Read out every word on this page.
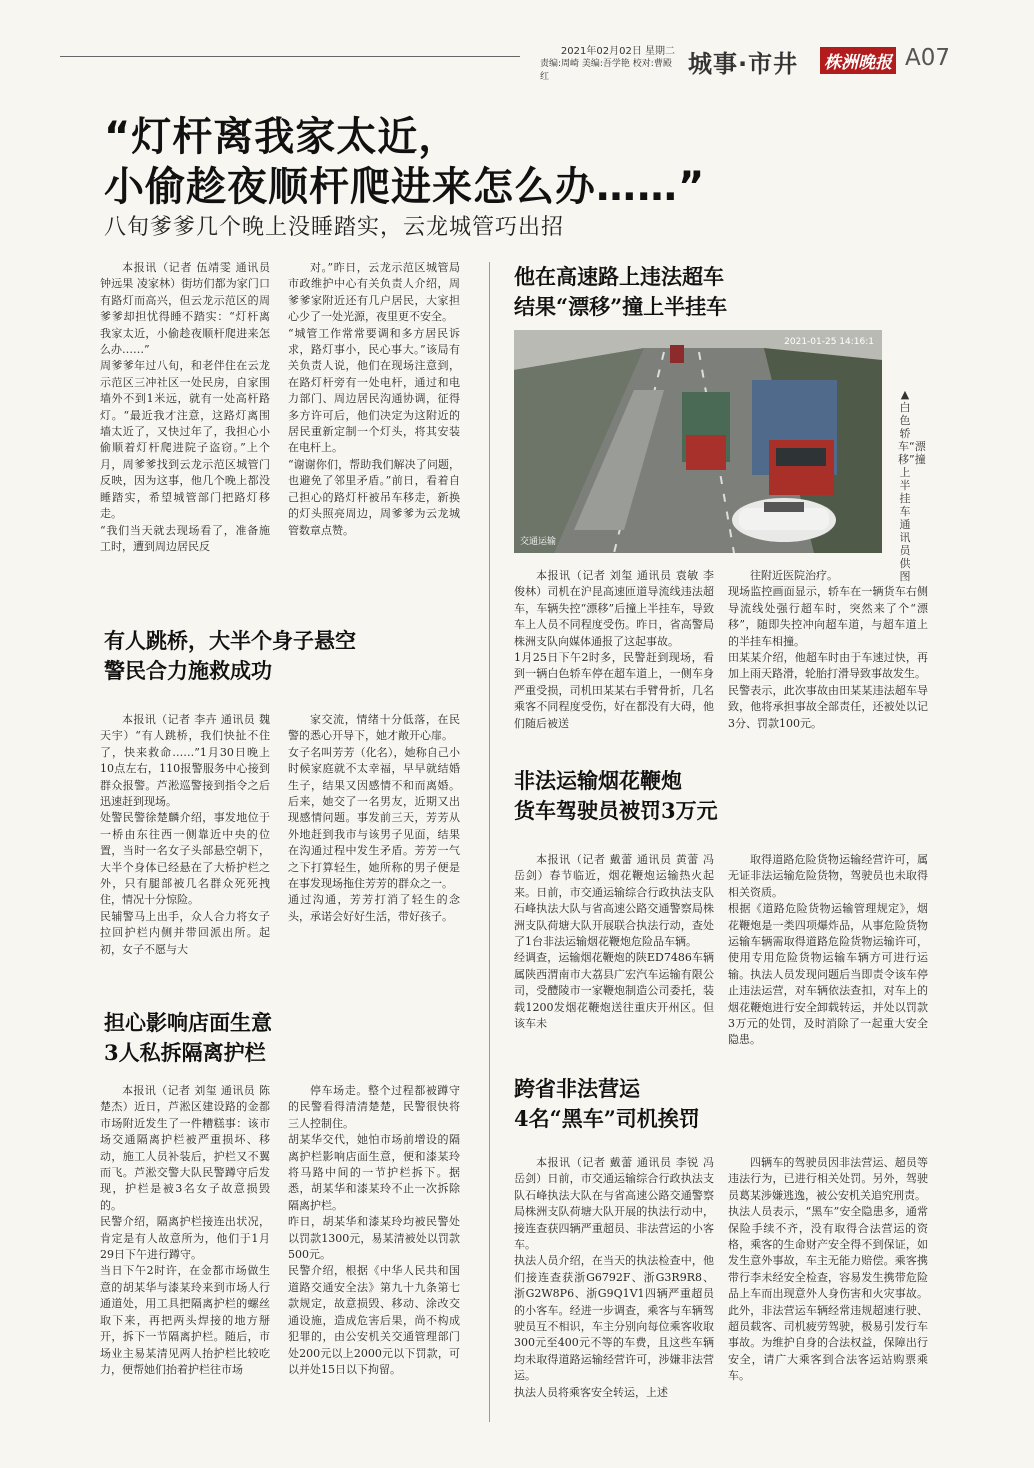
2021年02月02日 星期二
责编:周崎 美编:吾学艳 校对:曹殿红	城事·市井 株洲晚报 A07
“灯杆离我家太近，
小偷趁夜顺杆爬进来怎么办……”
八旬爹爹几个晚上没睡踏实，云龙城管巧出招

本报讯（记者 伍靖雯 通讯员 钟远果 凌家林）街坊们都为家门口有路灯而高兴，但云龙示范区的周爹爹却担忧得睡不踏实：“灯杆离我家太近，小偷趁夜顺杆爬进来怎么办……”
周爹爹年过八旬，和老伴住在云龙示范区三冲社区一处民房，自家围墙外不到1米远，就有一处高杆路灯。“最近我才注意，这路灯离围墙太近了，又快过年了，我担心小偷顺着灯杆爬进院子盗窃。”上个月，周爹爹找到云龙示范区城管门反映，因为这事，他几个晚上都没睡踏实，希望城管部门把路灯移走。
“我们当天就去现场看了，准备施工时，遭到周边居民反

对。”昨日，云龙示范区城管局市政维护中心有关负责人介绍，周爹爹家附近还有几户居民，大家担心少了一处光源，夜里更不安全。
“城管工作常常要调和多方居民诉求，路灯事小，民心事大。”该局有关负责人说，他们在现场注意到，在路灯杆旁有一处电杆，通过和电力部门、周边居民沟通协调，征得多方许可后，他们决定为这附近的居民重新定制一个灯头，将其安装在电杆上。
“谢谢你们，帮助我们解决了问题，也避免了邻里矛盾。”前日，看着自己担心的路灯杆被吊车移走，新换的灯头照亮周边，周爹爹为云龙城管数章点赞。

有人跳桥，大半个身子悬空
警民合力施救成功

本报讯（记者 李卉 通讯员 魏天宇）“有人跳桥，我们快扯不住了，快来救命……”1月30日晚上10点左右，110报警服务中心接到群众报警。芦淞巡警接到指令之后迅速赶到现场。
处警民警徐楚麟介绍，事发地位于一桥由东往西一侧靠近中央的位置，当时一名女子头部悬空朝下，大半个身体已经悬在了大桥护栏之外，只有腿部被几名群众死死拽住，情况十分惊险。
民辅警马上出手，众人合力将女子拉回护栏内侧并带回派出所。起初，女子不愿与大

家交流，情绪十分低落，在民警的悉心开导下，她才敞开心扉。
女子名叫芳芳（化名），她称自己小时候家庭就不太幸福，早早就结婚生子，结果又因感情不和而离婚。后来，她交了一名男友，近期又出现感情问题。事发前三天，芳芳从外地赶到我市与该男子见面，结果在沟通过程中发生矛盾。芳芳一气之下打算轻生，她所称的男子便是在事发现场拖住芳芳的群众之一。
通过沟通，芳芳打消了轻生的念头，承诺会好好生活，带好孩子。

担心影响店面生意
3人私拆隔离护栏

本报讯（记者 刘玺 通讯员 陈楚杰）近日，芦淞区建设路的金都市场附近发生了一件糟糕事：该市场交通隔离护栏被严重损坏、移动，施工人员补装后，护栏又不翼而飞。芦淞交警大队民警蹲守后发现，护栏是被3名女子故意损毁的。
民警介绍，隔离护栏接连出状况，肯定是有人故意所为，他们于1月29日下午进行蹲守。
当日下午2时许，在金都市场做生意的胡某华与漆某玲来到市场人行通道处，用工具把隔离护栏的螺丝取下来，再把两头焊接的地方掰开，拆下一节隔离护栏。随后，市场业主易某清见两人抬护栏比较吃力，便帮她们抬着护栏往市场

停车场走。整个过程都被蹲守的民警看得清清楚楚，民警很快将三人控制住。
胡某华交代，她怕市场前增设的隔离护栏影响店面生意，便和漆某玲将马路中间的一节护栏拆下。据悉，胡某华和漆某玲不止一次拆除隔离护栏。
昨日，胡某华和漆某玲均被民警处以罚款1300元，易某清被处以罚款500元。
民警介绍，根据《中华人民共和国道路交通安全法》第九十九条第七款规定，故意损毁、移动、涂改交通设施，造成危害后果，尚不构成犯罪的，由公安机关交通管理部门处200元以上2000元以下罚款，可以并处15日以下拘留。

他在高速路上违法超车
结果“漂移”撞上半挂车
2021-01-25 14:16:1
交通运输
▲白色轿车“漂移”撞上半挂车 通讯员供图

本报讯（记者 刘玺 通讯员 袁敏 李俊林）司机在沪昆高速匝道导流线违法超车，车辆失控“漂移”后撞上半挂车，导致车上人员不同程度受伤。昨日，省高警局株洲支队向媒体通报了这起事故。
1月25日下午2时多，民警赶到现场，看到一辆白色轿车停在超车道上，一侧车身严重受损，司机田某某右手臂骨折，几名乘客不同程度受伤，好在都没有大碍，他们随后被送

往附近医院治疗。
现场监控画面显示，轿车在一辆货车右侧导流线处强行超车时，突然来了个“漂移”，随即失控冲向超车道，与超车道上的半挂车相撞。
田某某介绍，他超车时由于车速过快，再加上雨天路滑，轮胎打滑导致事故发生。
民警表示，此次事故由田某某违法超车导致，他将承担事故全部责任，还被处以记3分、罚款100元。

非法运输烟花鞭炮
货车驾驶员被罚3万元

本报讯（记者 戴蕾 通讯员 黄蕾 冯岳剑）春节临近，烟花鞭炮运输热火起来。日前，市交通运输综合行政执法支队石峰执法大队与省高速公路交通警察局株洲支队荷塘大队开展联合执法行动，查处了1台非法运输烟花鞭炮危险品车辆。
经调查，运输烟花鞭炮的陕ED7486车辆属陕西渭南市大荔县广宏汽车运输有限公司，受醴陵市一家鞭炮制造公司委托，装载1200发烟花鞭炮送往重庆开州区。但该车未

取得道路危险货物运输经营许可，属无证非法运输危险货物，驾驶员也未取得相关资质。
根据《道路危险货物运输管理规定》，烟花鞭炮是一类四项爆炸品，从事危险货物运输车辆需取得道路危险货物运输许可，使用专用危险货物运输车辆方可进行运输。执法人员发现问题后当即责令该车停止违法运营，对车辆依法查扣，对车上的烟花鞭炮进行安全卸载转运，并处以罚款3万元的处罚，及时消除了一起重大安全隐患。

跨省非法营运
4名“黑车”司机挨罚

本报讯（记者 戴蕾 通讯员 李锐 冯岳剑）日前，市交通运输综合行政执法支队石峰执法大队在与省高速公路交通警察局株洲支队荷塘大队开展的执法行动中，接连查获四辆严重超员、非法营运的小客车。
执法人员介绍，在当天的执法检查中，他们接连查获浙G6792F、浙G3R9R8、浙G2W8P6、浙G9Q1V1四辆严重超员的小客车。经进一步调查，乘客与车辆驾驶员互不相识，车主分别向每位乘客收取300元至400元不等的车费，且这些车辆均未取得道路运输经营许可，涉嫌非法营运。
执法人员将乘客安全转运，上述

四辆车的驾驶员因非法营运、超员等违法行为，已进行相关处罚。另外，驾驶员葛某涉嫌逃逸，被公安机关追究刑责。
执法人员表示，“黑车”安全隐患多，通常保险手续不齐，没有取得合法营运的资格，乘客的生命财产安全得不到保证，如发生意外事故，车主无能力赔偿。乘客携带行李未经安全检查，容易发生携带危险品上车而出现意外人身伤害和火灾事故。此外，非法营运车辆经常违规超速行驶、超员载客、司机疲劳驾驶，极易引发行车事故。为维护自身的合法权益，保障出行安全，请广大乘客到合法客运站购票乘车。
